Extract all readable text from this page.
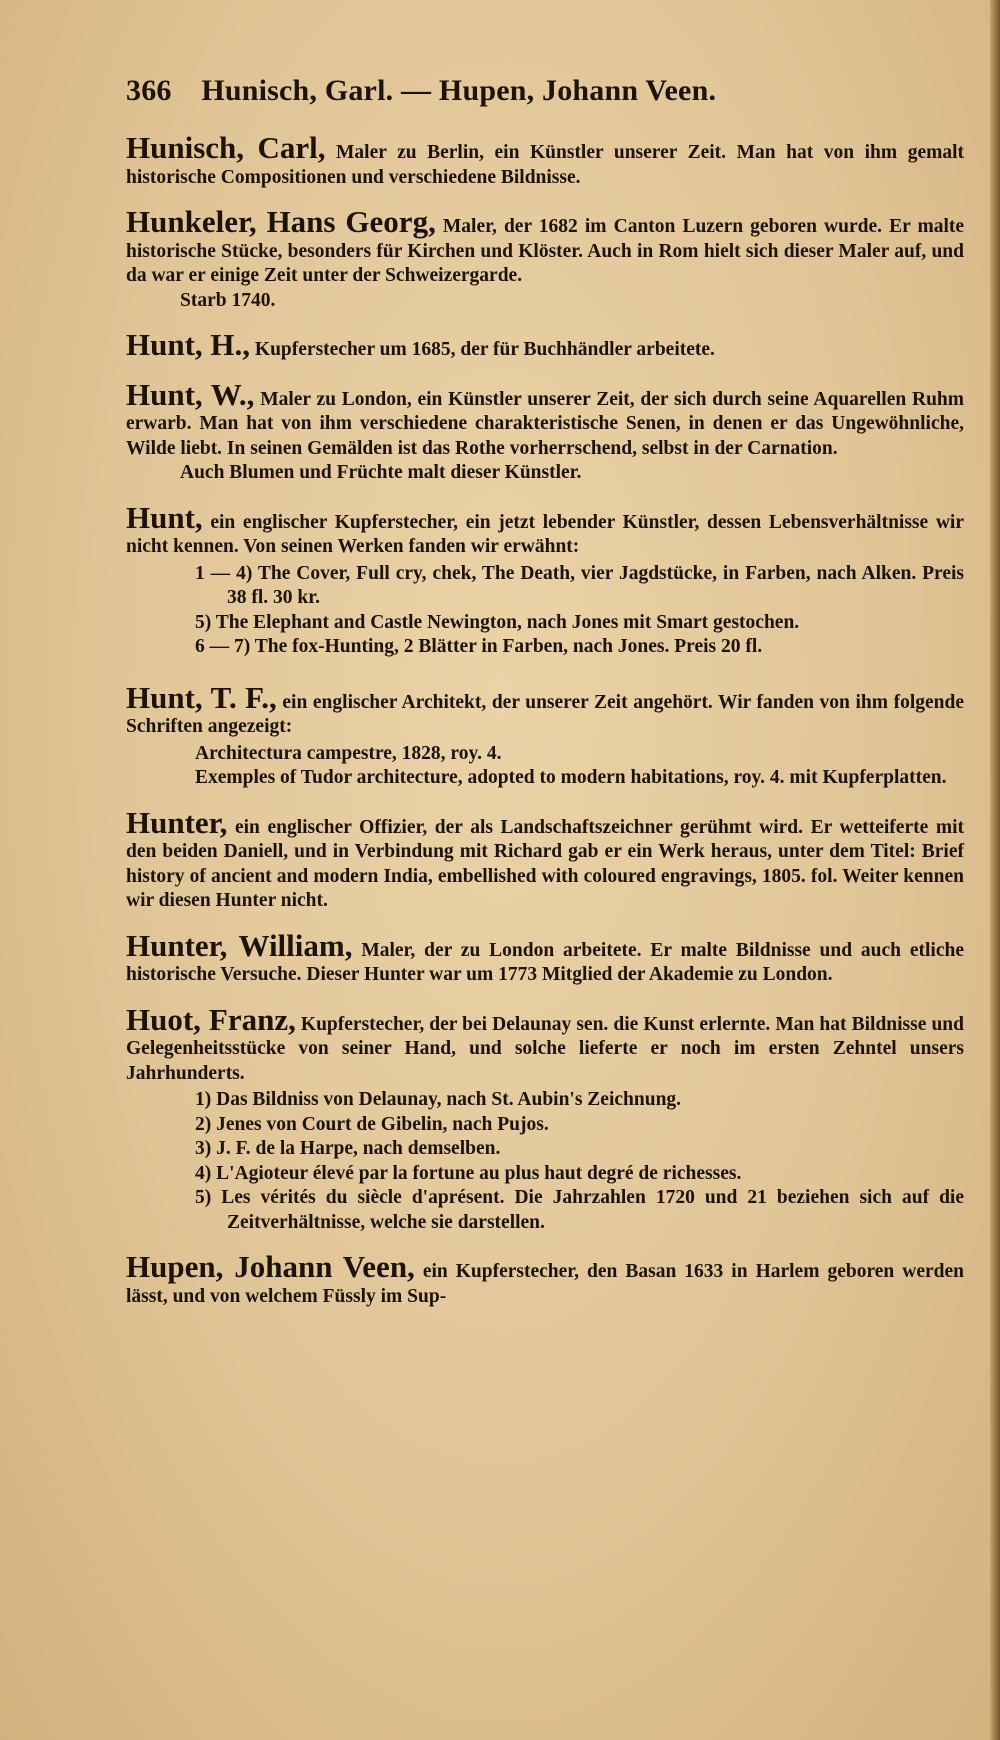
366 Hunisch, Garl. — Hupen, Johann Veen.
Hunisch, Carl, Maler zu Berlin, ein Künstler unserer Zeit. Man hat von ihm gemalt historische Compositionen und verschiedene Bildnisse.
Hunkeler, Hans Georg, Maler, der 1682 im Canton Luzern geboren wurde. Er malte historische Stücke, besonders für Kirchen und Klöster. Auch in Rom hielt sich dieser Maler auf, und da war er einige Zeit unter der Schweizergarde.
Starb 1740.
Hunt, H., Kupferstecher um 1685, der für Buchhändler arbeitete.
Hunt, W., Maler zu London, ein Künstler unserer Zeit, der sich durch seine Aquarellen Ruhm erwarb. Man hat von ihm verschiedene charakteristische Senen, in denen er das Ungewöhnliche, Wilde liebt. In seinen Gemälden ist das Rothe vorherrschend, selbst in der Carnation.
Auch Blumen und Früchte malt dieser Künstler.
Hunt, ein englischer Kupferstecher, ein jetzt lebender Künstler, dessen Lebensverhältnisse wir nicht kennen. Von seinen Werken fanden wir erwähnt:
1 — 4) The Cover, Full cry, chek, The Death, vier Jagdstücke, in Farben, nach Alken. Preis 38 fl. 30 kr.
5) The Elephant and Castle Newington, nach Jones mit Smart gestochen.
6 — 7) The fox-Hunting, 2 Blätter in Farben, nach Jones. Preis 20 fl.
Hunt, T. F., ein englischer Architekt, der unserer Zeit angehört. Wir fanden von ihm folgende Schriften angezeigt:
Architectura campestre, 1828, roy. 4.
Exemples of Tudor architecture, adopted to modern habitations, roy. 4. mit Kupferplatten.
Hunter, ein englischer Offizier, der als Landschaftszeichner gerühmt wird. Er wetteiferte mit den beiden Daniell, und in Verbindung mit Richard gab er ein Werk heraus, unter dem Titel: Brief history of ancient and modern India, embellished with coloured engravings, 1805. fol. Weiter kennen wir diesen Hunter nicht.
Hunter, William, Maler, der zu London arbeitete. Er malte Bildnisse und auch etliche historische Versuche. Dieser Hunter war um 1773 Mitglied der Akademie zu London.
Huot, Franz, Kupferstecher, der bei Delaunay sen. die Kunst erlernte. Man hat Bildnisse und Gelegenheitsstücke von seiner Hand, und solche lieferte er noch im ersten Zehntel unsers Jahrhunderts.
1) Das Bildniss von Delaunay, nach St. Aubin's Zeichnung.
2) Jenes von Court de Gibelin, nach Pujos.
3) J. F. de la Harpe, nach demselben.
4) L'Agioteur élevé par la fortune au plus haut degré de richesses.
5) Les vérités du siècle d'aprésent. Die Jahrzahlen 1720 und 21 beziehen sich auf die Zeitverhältnisse, welche sie darstellen.
Hupen, Johann Veen, ein Kupferstecher, den Basan 1633 in Harlem geboren werden lässt, und von welchem Füssly im Sup-
